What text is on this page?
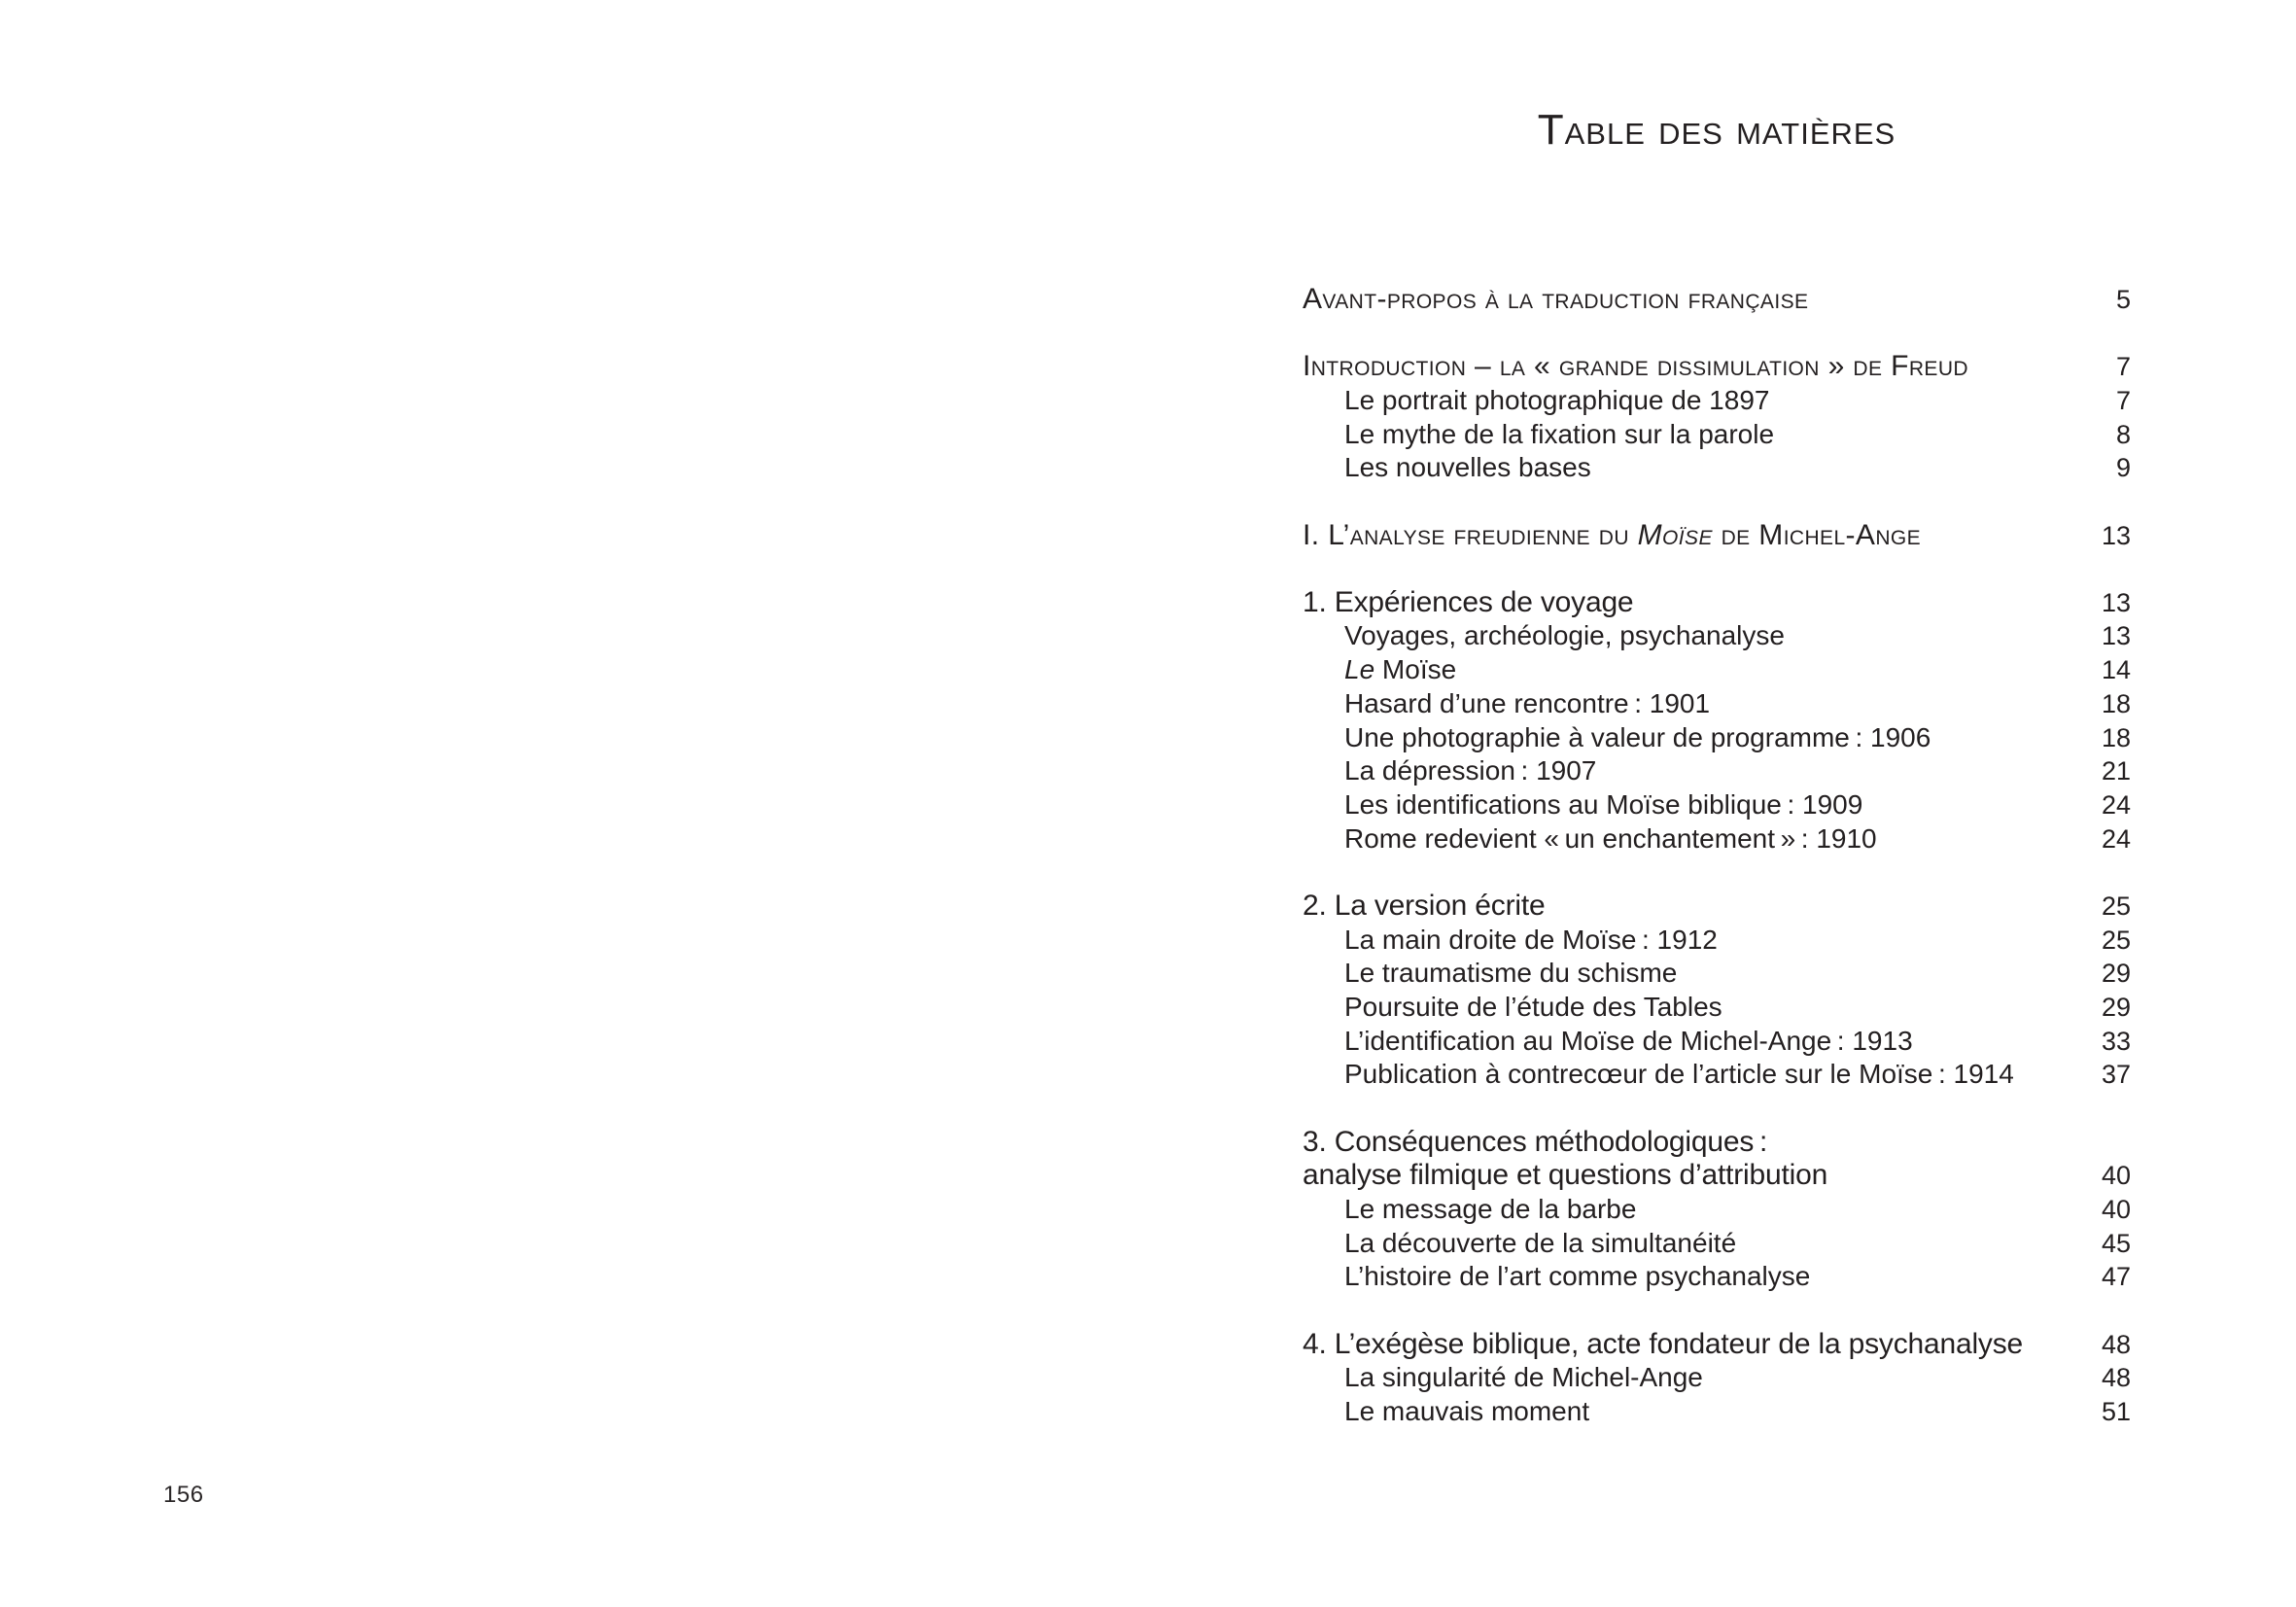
Table des matières
Avant-propos à la traduction française	5
Introduction – la « grande dissimulation » de Freud	7
Le portrait photographique de 1897	7
Le mythe de la fixation sur la parole	8
Les nouvelles bases	9
I. L’analyse freudienne du Moïse de Michel-Ange	13
1. Expériences de voyage	13
Voyages, archéologie, psychanalyse	13
Le Moïse	14
Hasard d’une rencontre : 1901	18
Une photographie à valeur de programme : 1906	18
La dépression : 1907	21
Les identifications au Moïse biblique : 1909	24
Rome redevient « un enchantement » : 1910	24
2. La version écrite	25
La main droite de Moïse : 1912	25
Le traumatisme du schisme	29
Poursuite de l’étude des Tables	29
L’identification au Moïse de Michel-Ange : 1913	33
Publication à contrecœur de l’article sur le Moïse : 1914	37
3. Conséquences méthodologiques :
analyse filmique et questions d’attribution	40
Le message de la barbe	40
La découverte de la simultanéité	45
L’histoire de l’art comme psychanalyse	47
4. L’exégèse biblique, acte fondateur de la psychanalyse	48
La singularité de Michel-Ange	48
Le mauvais moment	51
156
